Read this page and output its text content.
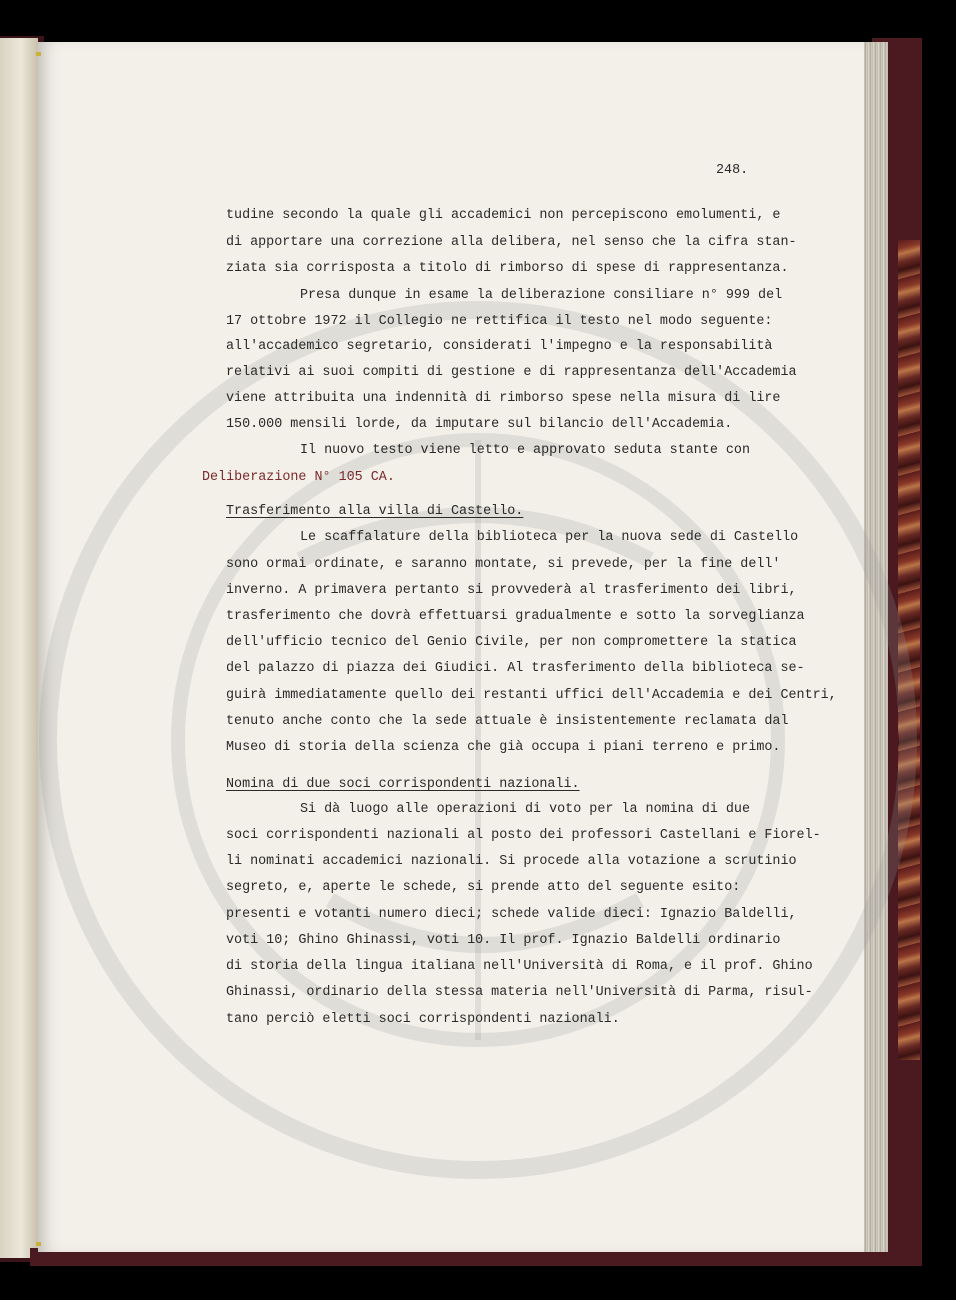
248.
tudine secondo la quale gli accademici non percepiscono emolumenti, e
di apportare una correzione alla delibera, nel senso che la cifra stan-
ziata sia corrisposta a titolo di rimborso di spese di rappresentanza.
Presa dunque in esame la deliberazione consiliare n° 999 del
17 ottobre 1972 il Collegio ne rettifica il testo nel modo seguente:
all'accademico segretario, considerati l'impegno e la responsabilità
relativi ai suoi compiti di gestione e di rappresentanza dell'Accademia
viene attribuita una indennità di rimborso spese nella misura di lire
150.000 mensili lorde, da imputare sul bilancio dell'Accademia.
Il nuovo testo viene letto e approvato seduta stante con
Deliberazione N° 105 CA.
Trasferimento alla villa di Castello.
Le scaffalature della biblioteca per la nuova sede di Castello
sono ormai ordinate, e saranno montate, si prevede, per la fine dell'
inverno. A primavera pertanto si provvederà al trasferimento dei libri,
trasferimento che dovrà effettuarsi gradualmente e sotto la sorveglianza
dell'ufficio tecnico del Genio Civile, per non compromettere la statica
del palazzo di piazza dei Giudici. Al trasferimento della biblioteca se-
guirà immediatamente quello dei restanti uffici dell'Accademia e dei Centri,
tenuto anche conto che la sede attuale è insistentemente reclamata dal
Museo di storia della scienza che già occupa i piani terreno e primo.
Nomina di due soci corrispondenti nazionali.
Si dà luogo alle operazioni di voto per la nomina di due
soci corrispondenti nazionali al posto dei professori Castellani e Fiorel-
li nominati accademici nazionali. Si procede alla votazione a scrutinio
segreto, e, aperte le schede, si prende atto del seguente esito:
presenti e votanti numero dieci; schede valide dieci: Ignazio Baldelli,
voti 10; Ghino Ghinassi, voti 10. Il prof. Ignazio Baldelli ordinario
di storia della lingua italiana nell'Università di Roma, e il prof. Ghino
Ghinassi, ordinario della stessa materia nell'Università di Parma, risul-
tano perciò eletti soci corrispondenti nazionali.
